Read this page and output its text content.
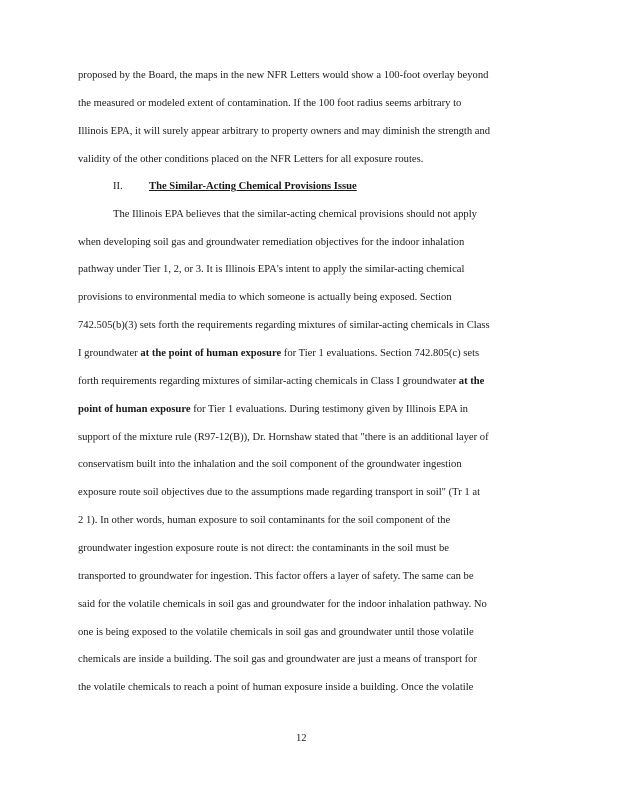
proposed by the Board, the maps in the new NFR Letters would show a 100-foot overlay beyond
the measured or modeled extent of contamination. If the 100 foot radius seems arbitrary to
Illinois EPA, it will surely appear arbitrary to property owners and may diminish the strength and
validity of the other conditions placed on the NFR Letters for all exposure routes.
II. The Similar-Acting Chemical Provisions Issue
The Illinois EPA believes that the similar-acting chemical provisions should not apply
when developing soil gas and groundwater remediation objectives for the indoor inhalation
pathway under Tier 1, 2, or 3. It is Illinois EPA's intent to apply the similar-acting chemical
provisions to environmental media to which someone is actually being exposed. Section
742.505(b)(3) sets forth the requirements regarding mixtures of similar-acting chemicals in Class
I groundwater at the point of human exposure for Tier 1 evaluations. Section 742.805(c) sets
forth requirements regarding mixtures of similar-acting chemicals in Class I groundwater at the
point of human exposure for Tier 1 evaluations. During testimony given by Illinois EPA in
support of the mixture rule (R97-12(B)), Dr. Hornshaw stated that "there is an additional layer of
conservatism built into the inhalation and the soil component of the groundwater ingestion
exposure route soil objectives due to the assumptions made regarding transport in soil" (Tr 1 at
2 1). In other words, human exposure to soil contaminants for the soil component of the
groundwater ingestion exposure route is not direct: the contaminants in the soil must be
transported to groundwater for ingestion. This factor offers a layer of safety. The same can be
said for the volatile chemicals in soil gas and groundwater for the indoor inhalation pathway. No
one is being exposed to the volatile chemicals in soil gas and groundwater until those volatile
chemicals are inside a building. The soil gas and groundwater are just a means of transport for
the volatile chemicals to reach a point of human exposure inside a building. Once the volatile
12
